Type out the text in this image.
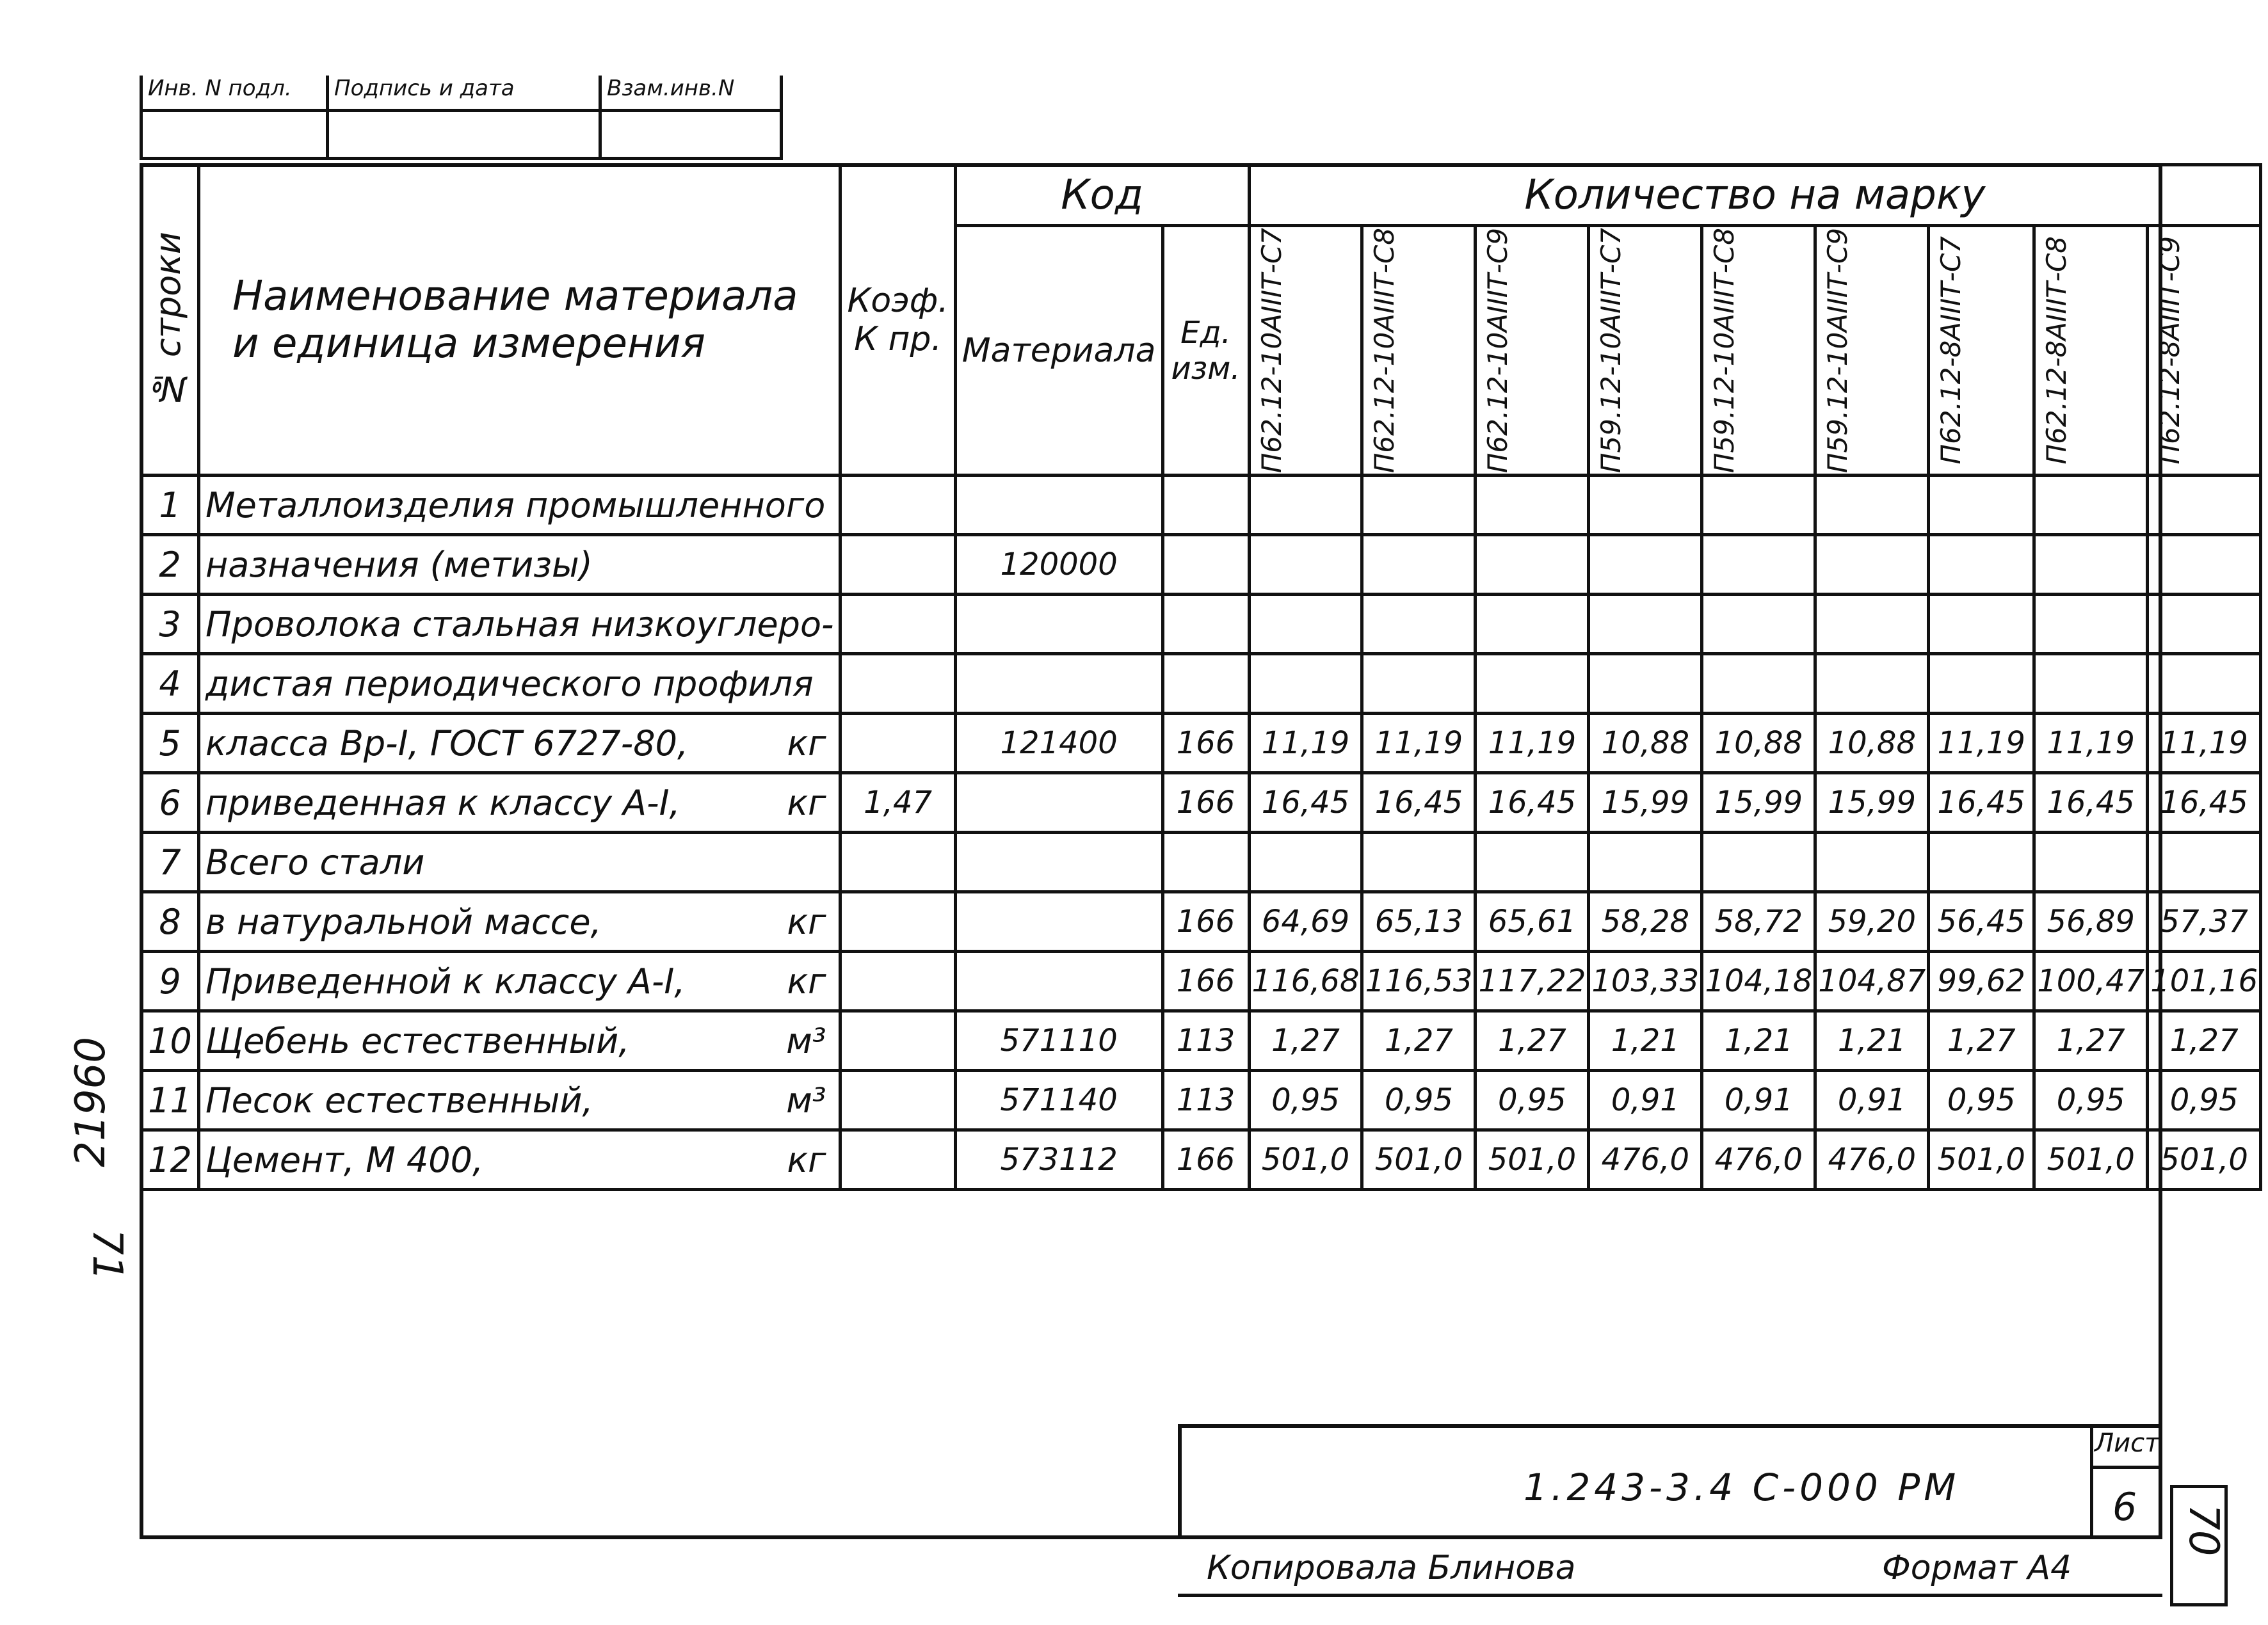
Инв. N подл.	Подпись и дата	Взам.инв.N

№ строки	Наименование материала и единица измерения	Коэф. К пр.	Код		Количество на марку								
			Материала	Ед. изм.	П62.12-10АIIIТ-С7	П62.12-10АIIIТ-С8	П62.12-10АIIIТ-С9	П59.12-10АIIIТ-С7	П59.12-10АIIIТ-С8	П59.12-10АIIIТ-С9	П62.12-8АIIIТ-С7	П62.12-8АIIIТ-С8	П62.12-8АIIIТ-С9

1	Металлоизделия промышленного

2	назначения (метизы)		120000										
3	Проволока стальная низкоуглеро-

4	дистая периодического профиля

5	класса Вр-I, ГОСТ 6727-80, кг		121400	166	11,19	11,19	11,19	10,88	10,88	10,88	11,19	11,19	11,19
6	приведенная к классу А-I, кг	1,47		166	16,45	16,45	16,45	15,99	15,99	15,99	16,45	16,45	16,45
7	Всего стали

8	в натуральной массе, кг			166	64,69	65,13	65,61	58,28	58,72	59,20	56,45	56,89	57,37
9	Приведенной к классу А-I, кг			166	116,68	116,53	117,22	103,33	104,18	104,87	99,62	100,47	101,16
10	Щебень естественный, м³		571110	113	1,27	1,27	1,27	1,21	1,21	1,21	1,27	1,27	1,27
11	Песок естественный, м³		571140	113	0,95	0,95	0,95	0,91	0,91	0,91	0,95	0,95	0,95
12	Цемент, М 400, кг		573112	166	501,0	501,0	501,0	476,0	476,0	476,0	501,0	501,0	501,0
1.243-3.4 С-000 РМ
Лист
6
Копировала Блинова	Формат А4
21960
71
70
